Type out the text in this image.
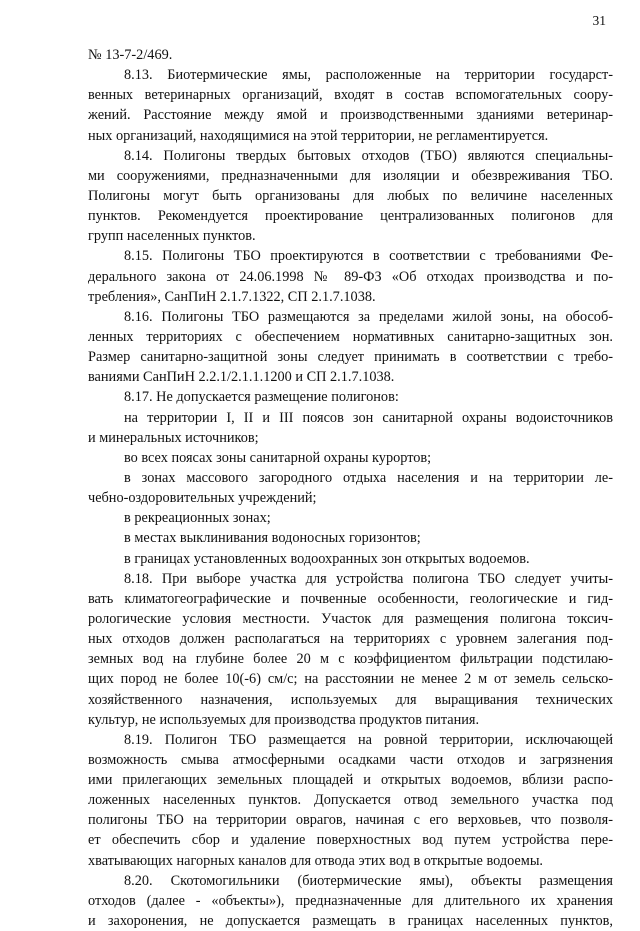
31
№ 13-7-2/469.
8.13. Биотермические ямы, расположенные на территории государст-
венных ветеринарных организаций, входят в состав вспомогательных соору-
жений. Расстояние между ямой и производственными зданиями ветеринар-
ных организаций, находящимися на этой территории, не регламентируется.
8.14. Полигоны твердых бытовых отходов (ТБО) являются специальны-
ми сооружениями, предназначенными для изоляции и обезвреживания ТБО.
Полигоны могут быть организованы для любых по величине населенных
пунктов. Рекомендуется проектирование централизованных полигонов для
групп населенных пунктов.
8.15. Полигоны ТБО проектируются в соответствии с требованиями Фе-
дерального закона от 24.06.1998 № 89-ФЗ «Об отходах производства и по-
требления», СанПиН 2.1.7.1322, СП 2.1.7.1038.
8.16. Полигоны ТБО размещаются за пределами жилой зоны, на обособ-
ленных территориях с обеспечением нормативных санитарно-защитных зон.
Размер санитарно-защитной зоны следует принимать в соответствии с требо-
ваниями СанПиН 2.2.1/2.1.1.1200 и СП 2.1.7.1038.
8.17. Не допускается размещение полигонов:
на территории I, II и III поясов зон санитарной охраны водоисточников
и минеральных источников;
во всех поясах зоны санитарной охраны курортов;
в зонах массового загородного отдыха населения и на территории ле-
чебно-оздоровительных учреждений;
в рекреационных зонах;
в местах выклинивания водоносных горизонтов;
в границах установленных водоохранных зон открытых водоемов.
8.18. При выборе участка для устройства полигона ТБО следует учиты-
вать климатогеографические и почвенные особенности, геологические и гид-
рологические условия местности. Участок для размещения полигона токсич-
ных отходов должен располагаться на территориях с уровнем залегания под-
земных вод на глубине более 20 м с коэффициентом фильтрации подстилаю-
щих пород не более 10(-6) см/с; на расстоянии не менее 2 м от земель сельско-
хозяйственного назначения, используемых для выращивания технических
культур, не используемых для производства продуктов питания.
8.19. Полигон ТБО размещается на ровной территории, исключающей
возможность смыва атмосферными осадками части отходов и загрязнения
ими прилегающих земельных площадей и открытых водоемов, вблизи распо-
ложенных населенных пунктов. Допускается отвод земельного участка под
полигоны ТБО на территории оврагов, начиная с его верховьев, что позволя-
ет обеспечить сбор и удаление поверхностных вод путем устройства пере-
хватывающих нагорных каналов для отвода этих вод в открытые водоемы.
8.20. Скотомогильники (биотермические ямы), объекты размещения
отходов (далее - «объекты»), предназначенные для длительного их хранения
и захоронения, не допускается размещать в границах населенных пунктов,
